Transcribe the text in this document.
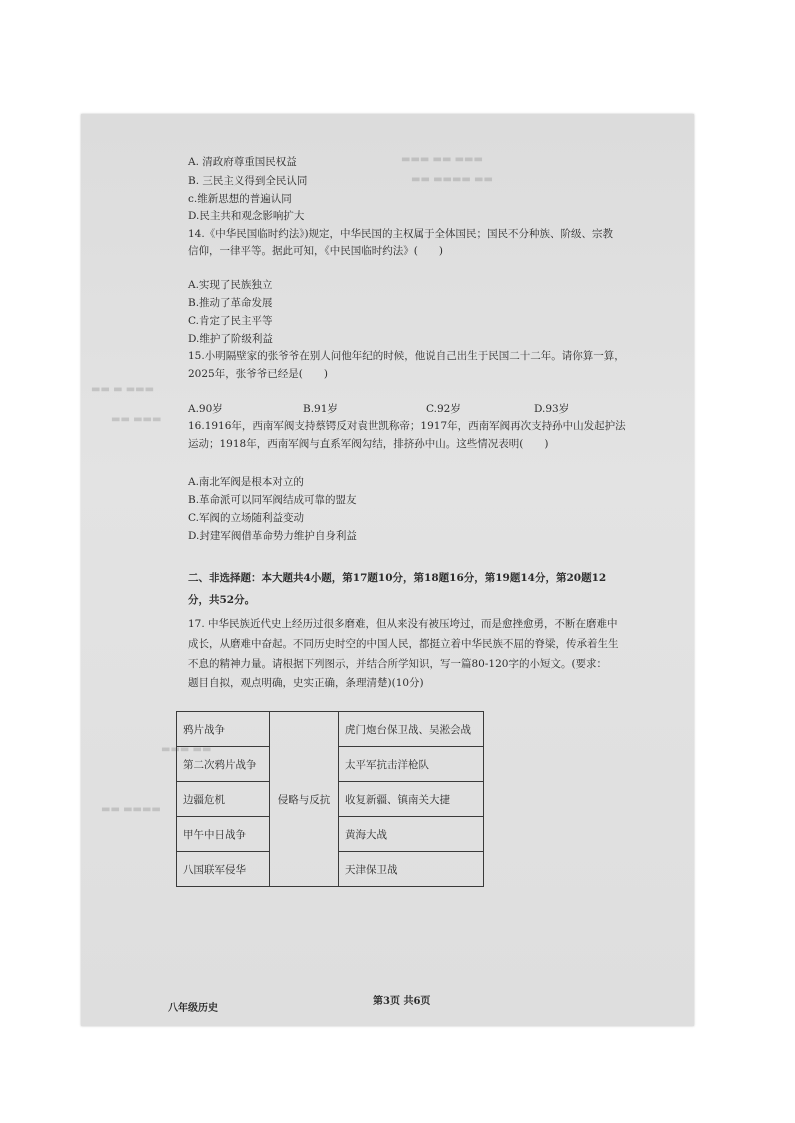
▬▬▬ ▬▬ ▬▬▬
▬▬ ▬▬▬▬ ▬▬
▬▬ ▬ ▬▬▬
▬▬ ▬▬▬
▬▬▬ ▬▬
▬▬ ▬▬▬▬
A. 清政府尊重国民权益
B. 三民主义得到全民认同
c.维新思想的普遍认同
D.民主共和观念影响扩大
14.《中华民国临时约法》)规定，中华民国的主权属于全体国民；国民不分种族、阶级、宗教
信仰，一律平等。据此可知，《中民国临时约法》(　　)
A.实现了民族独立
B.推动了革命发展
C.肯定了民主平等
D.维护了阶级利益
15.小明隔壁家的张爷爷在别人问他年纪的时候，他说自己出生于民国二十二年。请你算一算，
2025年，张爷爷已经是(　　)
A.90岁	B.91岁	C.92岁	D.93岁
16.1916年，西南军阀支持蔡锷反对袁世凯称帝；1917年，西南军阀再次支持孙中山发起护法
运动；1918年，西南军阀与直系军阀勾结，排挤孙中山。这些情况表明(　　)
A.南北军阀是根本对立的
B.革命派可以同军阀结成可靠的盟友
C.军阀的立场随利益变动
D.封建军阀借革命势力维护自身利益
二、非选择题：本大题共4小题，第17题10分，第18题16分，第19题14分，第20题12
分，共52分。
17. 中华民族近代史上经历过很多磨难，但从来没有被压垮过，而是愈挫愈勇，不断在磨难中
成长，从磨难中奋起。不同历史时空的中国人民，都挺立着中华民族不屈的脊梁，传承着生生
不息的精神力量。请根据下列图示，并结合所学知识，写一篇80-120字的小短文。(要求：
题目自拟，观点明确，史实正确，条理清楚)(10分)
鸦片战争	侵略与反抗	虎门炮台保卫战、吴淞会战
第二次鸦片战争		太平军抗击洋枪队
边疆危机		收复新疆、镇南关大捷
甲午中日战争		黄海大战
八国联军侵华		天津保卫战
八年级历史
第3页 共6页
